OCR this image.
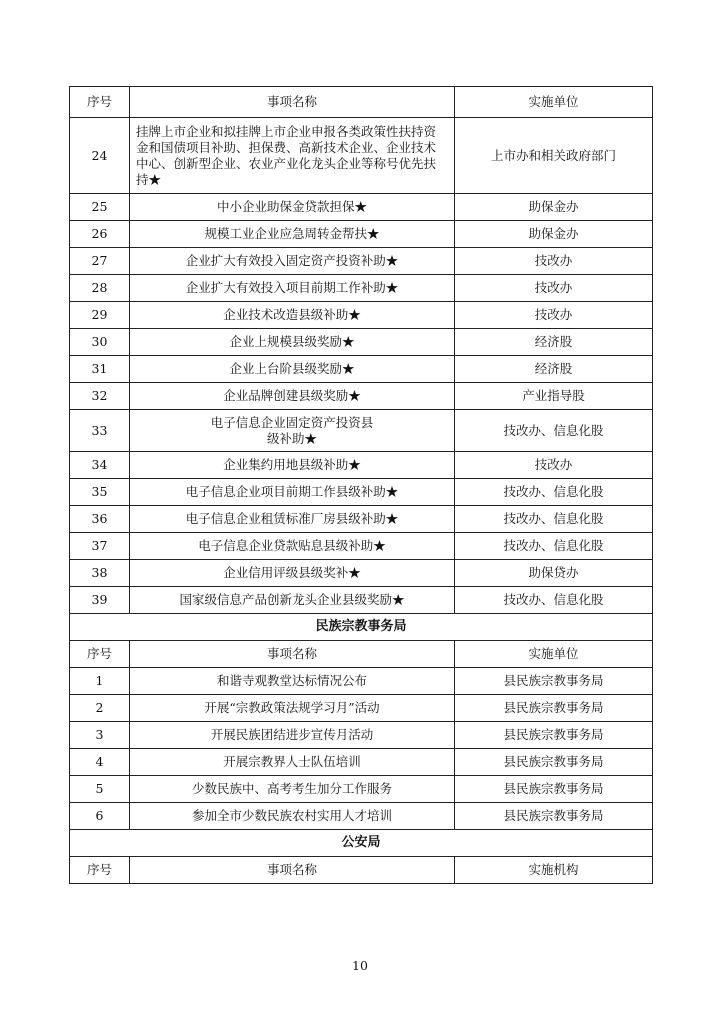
序号	事项名称	实施单位
24	挂牌上市企业和拟挂牌上市企业申报各类政策性扶持资金和国债项目补助、担保费、高新技术企业、企业技术中心、创新型企业、农业产业化龙头企业等称号优先扶持★	上市办和相关政府部门
25	中小企业助保金贷款担保★	助保金办
26	规模工业企业应急周转金帮扶★	助保金办
27	企业扩大有效投入固定资产投资补助★	技改办
28	企业扩大有效投入项目前期工作补助★	技改办
29	企业技术改造县级补助★	技改办
30	企业上规模县级奖励★	经济股
31	企业上台阶县级奖励★	经济股
32	企业品牌创建县级奖励★	产业指导股
33	电子信息企业固定资产投资县
级补助★	技改办、信息化股
34	企业集约用地县级补助★	技改办
35	电子信息企业项目前期工作县级补助★	技改办、信息化股
36	电子信息企业租赁标准厂房县级补助★	技改办、信息化股
37	电子信息企业贷款贴息县级补助★	技改办、信息化股
38	企业信用评级县级奖补★	助保贷办
39	国家级信息产品创新龙头企业县级奖励★	技改办、信息化股
民族宗教事务局		
序号	事项名称	实施单位
1	和谐寺观教堂达标情况公布	县民族宗教事务局
2	开展“宗教政策法规学习月”活动	县民族宗教事务局
3	开展民族团结进步宣传月活动	县民族宗教事务局
4	开展宗教界人士队伍培训	县民族宗教事务局
5	少数民族中、高考考生加分工作服务	县民族宗教事务局
6	参加全市少数民族农村实用人才培训	县民族宗教事务局
公安局		
序号	事项名称	实施机构
10
